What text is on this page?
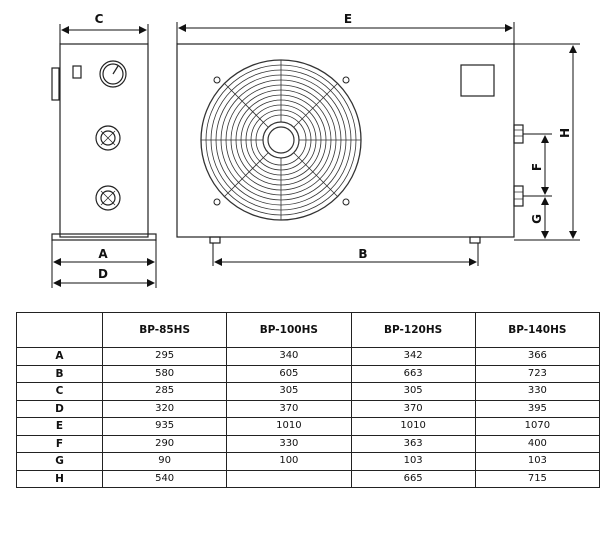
C
A
D
E
B
H
F
G
	BP-85HS	BP-100HS	BP-120HS	BP-140HS
A	295	340	342	366
B	580	605	663	723
C	285	305	305	330
D	320	370	370	395
E	935	1010	1010	1070
F	290	330	363	400
G	90	100	103	103
H	540		665	715
